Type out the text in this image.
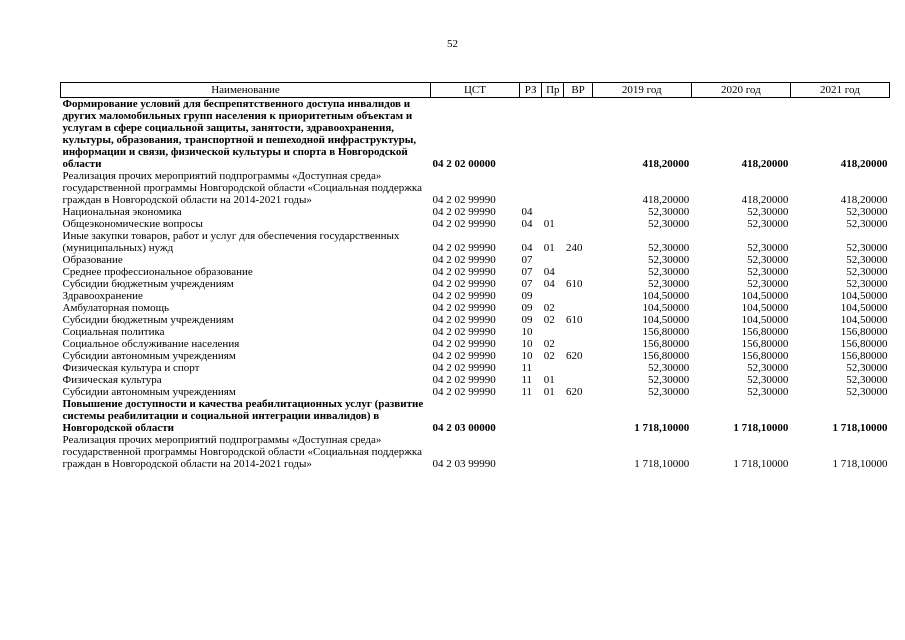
52
Наименование	ЦСТ	РЗ	Пр	ВР	2019 год	2020 год	2021 год
Формирование условий для беспрепятственного доступа инвалидов и других маломобильных групп населения к приоритетным объектам и услугам в сфере социальной защиты, занятости, здравоохранения, культуры, образования, транспортной и пешеходной инфраструктуры, информации и связи, физической культуры и спорта в Новгородской области	04 2 02 00000				418,20000	418,20000	418,20000
Реализация прочих мероприятий подпрограммы «Доступная среда» государственной программы Новгородской области «Социальная поддержка граждан в Новгородской области на 2014-2021 годы»	04 2 02 99990				418,20000	418,20000	418,20000
Национальная экономика	04 2 02 99990	04			52,30000	52,30000	52,30000
Общеэкономические вопросы	04 2 02 99990	04	01		52,30000	52,30000	52,30000
Иные закупки товаров, работ и услуг для обеспечения государственных (муниципальных) нужд	04 2 02 99990	04	01	240	52,30000	52,30000	52,30000
Образование	04 2 02 99990	07			52,30000	52,30000	52,30000
Среднее профессиональное образование	04 2 02 99990	07	04		52,30000	52,30000	52,30000
Субсидии бюджетным учреждениям	04 2 02 99990	07	04	610	52,30000	52,30000	52,30000
Здравоохранение	04 2 02 99990	09			104,50000	104,50000	104,50000
Амбулаторная помощь	04 2 02 99990	09	02		104,50000	104,50000	104,50000
Субсидии бюджетным учреждениям	04 2 02 99990	09	02	610	104,50000	104,50000	104,50000
Социальная политика	04 2 02 99990	10			156,80000	156,80000	156,80000
Социальное обслуживание населения	04 2 02 99990	10	02		156,80000	156,80000	156,80000
Субсидии автономным учреждениям	04 2 02 99990	10	02	620	156,80000	156,80000	156,80000
Физическая культура и спорт	04 2 02 99990	11			52,30000	52,30000	52,30000
Физическая культура	04 2 02 99990	11	01		52,30000	52,30000	52,30000
Субсидии автономным учреждениям	04 2 02 99990	11	01	620	52,30000	52,30000	52,30000
Повышение доступности и качества реабилитационных услуг (развитие системы реабилитации и социальной интеграции инвалидов) в Новгородской области	04 2 03 00000				1 718,10000	1 718,10000	1 718,10000
Реализация прочих мероприятий подпрограммы «Доступная среда» государственной программы Новгородской области «Социальная поддержка граждан в Новгородской области на 2014-2021 годы»	04 2 03 99990				1 718,10000	1 718,10000	1 718,10000
